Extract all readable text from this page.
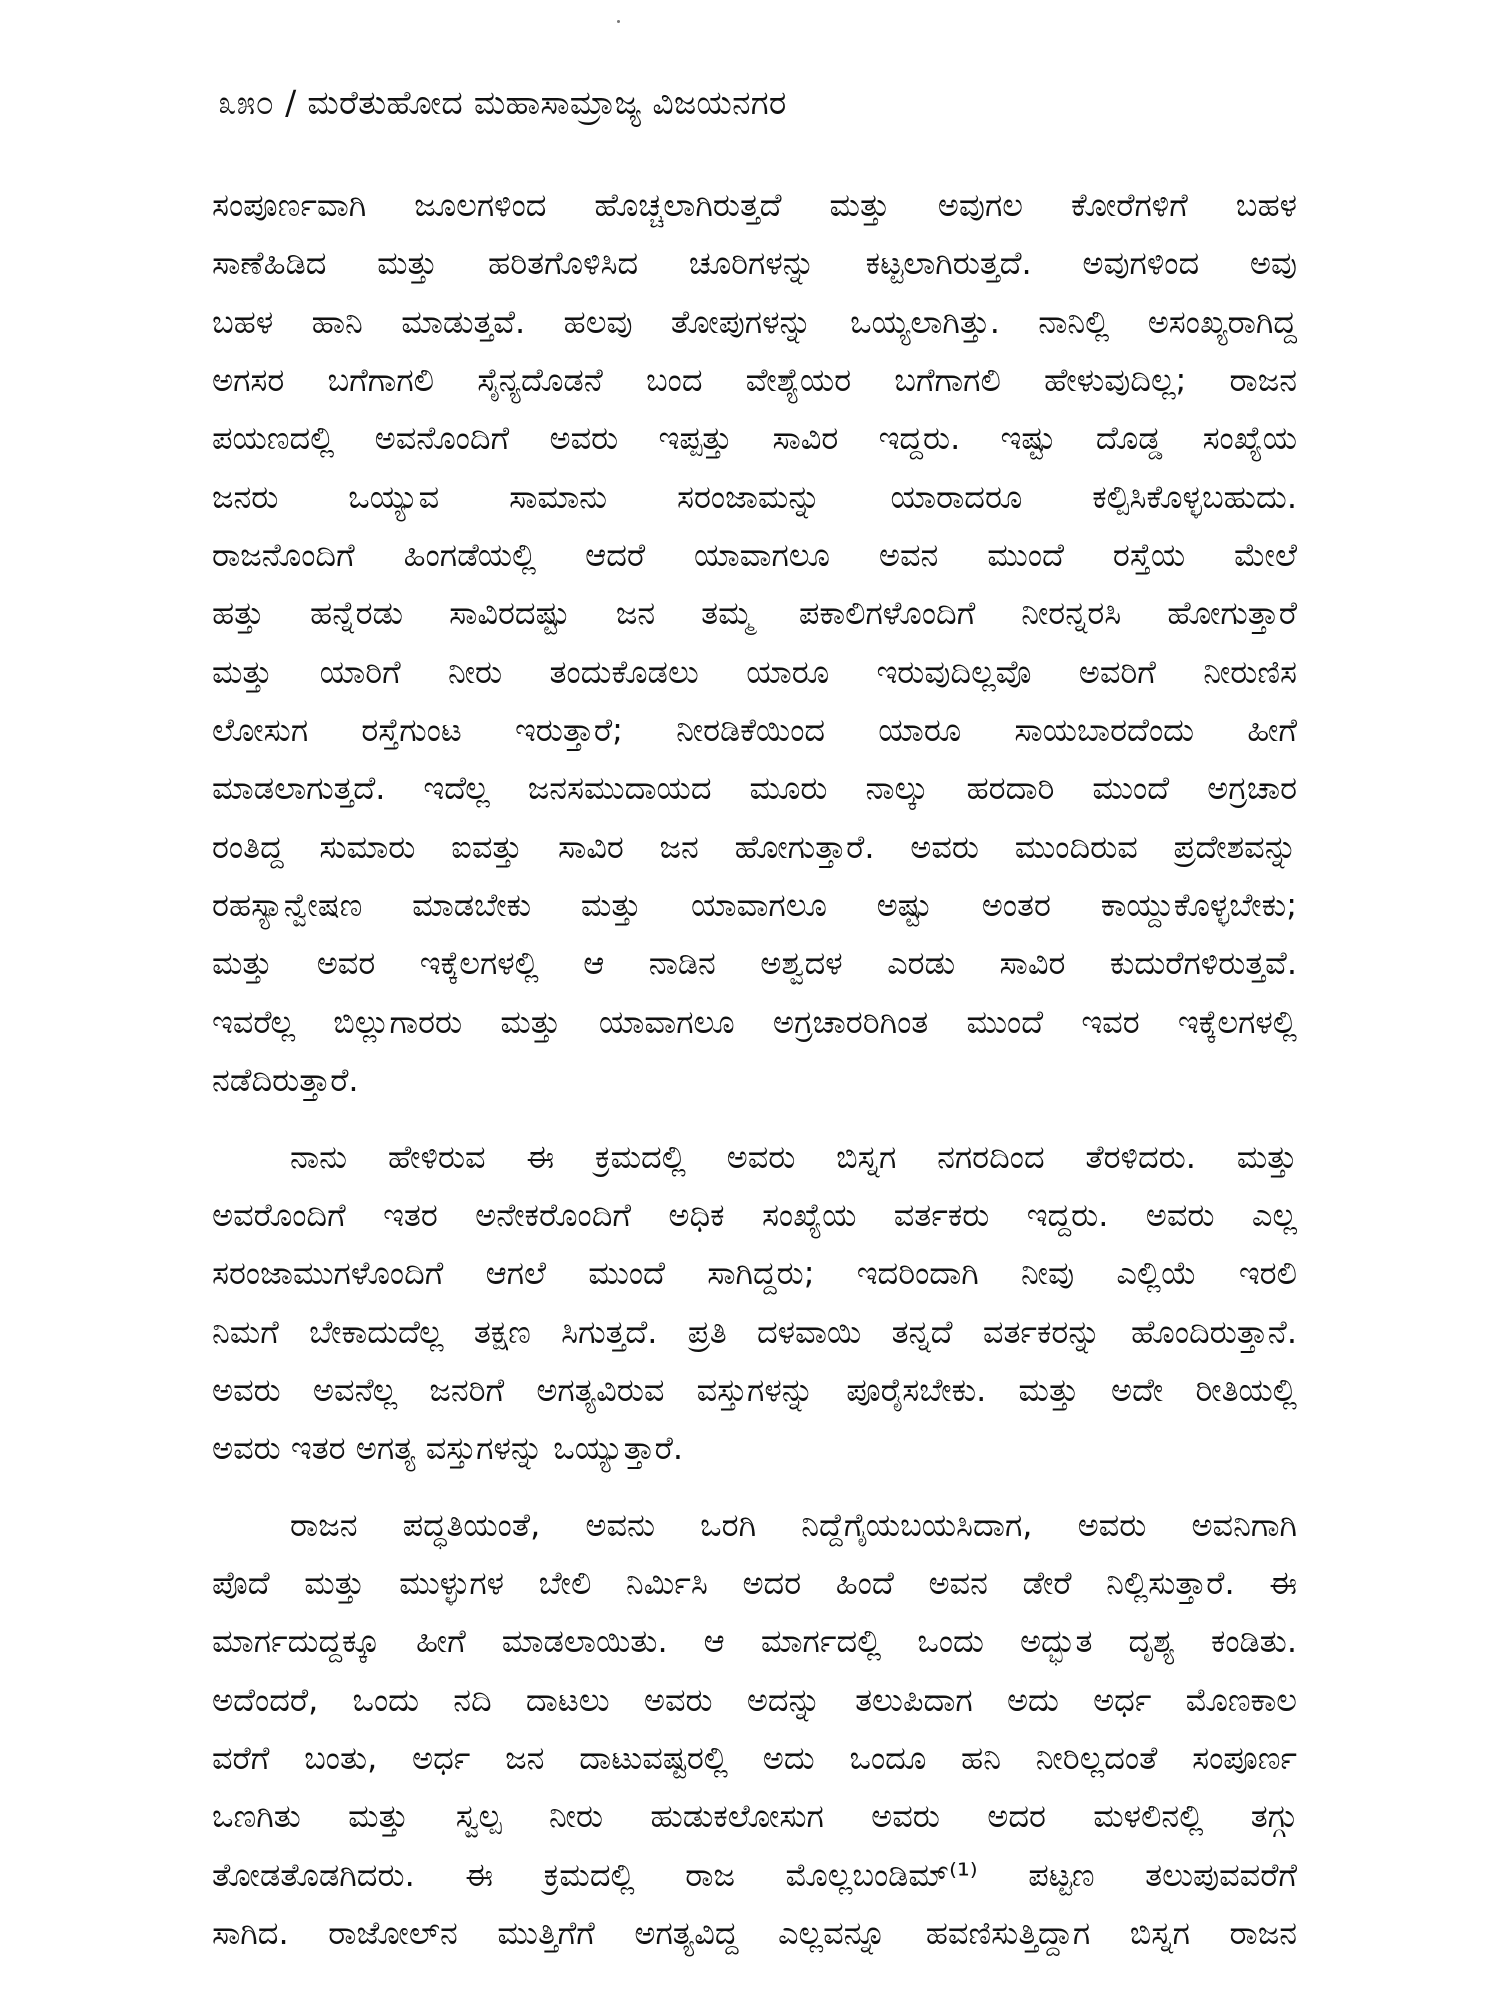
೩೫೦ / ಮರೆತುಹೋದ ಮಹಾಸಾಮ್ರಾಜ್ಯ ವಿಜಯನಗರ

ಸಂಪೂರ್ಣವಾಗಿ ಜೂಲಗಳಿಂದ ಹೊಚ್ಚಲಾಗಿರುತ್ತದೆ ಮತ್ತು ಅವುಗಲ ಕೋರೆಗಳಿಗೆ ಬಹಳ

ಸಾಣೆಹಿಡಿದ ಮತ್ತು ಹರಿತಗೊಳಿಸಿದ ಚೂರಿಗಳನ್ನು ಕಟ್ಟಲಾಗಿರುತ್ತದೆ. ಅವುಗಳಿಂದ ಅವು

ಬಹಳ ಹಾನಿ ಮಾಡುತ್ತವೆ. ಹಲವು ತೋಪುಗಳನ್ನು ಒಯ್ಯಲಾಗಿತ್ತು. ನಾನಿಲ್ಲಿ ಅಸಂಖ್ಯರಾಗಿದ್ದ

ಅಗಸರ ಬಗೆಗಾಗಲಿ ಸೈನ್ಯದೊಡನೆ ಬಂದ ವೇಶ್ಯೆಯರ ಬಗೆಗಾಗಲಿ ಹೇಳುವುದಿಲ್ಲ; ರಾಜನ

ಪಯಣದಲ್ಲಿ ಅವನೊಂದಿಗೆ ಅವರು ಇಪ್ಪತ್ತು ಸಾವಿರ ಇದ್ದರು. ಇಷ್ಟು ದೊಡ್ಡ ಸಂಖ್ಯೆಯ

ಜನರು ಒಯ್ಯುವ ಸಾಮಾನು ಸರಂಜಾಮನ್ನು ಯಾರಾದರೂ ಕಲ್ಪಿಸಿಕೊಳ್ಳಬಹುದು.

ರಾಜನೊಂದಿಗೆ ಹಿಂಗಡೆಯಲ್ಲಿ ಆದರೆ ಯಾವಾಗಲೂ ಅವನ ಮುಂದೆ ರಸ್ತೆಯ ಮೇಲೆ

ಹತ್ತು ಹನ್ನೆರಡು ಸಾವಿರದಷ್ಟು ಜನ ತಮ್ಮ ಪಕಾಲಿಗಳೊಂದಿಗೆ ನೀರನ್ನರಸಿ ಹೋಗುತ್ತಾರೆ

ಮತ್ತು ಯಾರಿಗೆ ನೀರು ತಂದುಕೊಡಲು ಯಾರೂ ಇರುವುದಿಲ್ಲವೊ ಅವರಿಗೆ ನೀರುಣಿಸ

ಲೋಸುಗ ರಸ್ತೆಗುಂಟ ಇರುತ್ತಾರೆ; ನೀರಡಿಕೆಯಿಂದ ಯಾರೂ ಸಾಯಬಾರದೆಂದು ಹೀಗೆ

ಮಾಡಲಾಗುತ್ತದೆ. ಇದೆಲ್ಲ ಜನಸಮುದಾಯದ ಮೂರು ನಾಲ್ಕು ಹರದಾರಿ ಮುಂದೆ ಅಗ್ರಚಾರ

ರಂತಿದ್ದ ಸುಮಾರು ಐವತ್ತು ಸಾವಿರ ಜನ ಹೋಗುತ್ತಾರೆ. ಅವರು ಮುಂದಿರುವ ಪ್ರದೇಶವನ್ನು

ರಹಸ್ಯಾನ್ವೇಷಣ ಮಾಡಬೇಕು ಮತ್ತು ಯಾವಾಗಲೂ ಅಷ್ಟು ಅಂತರ ಕಾಯ್ದುಕೊಳ್ಳಬೇಕು;

ಮತ್ತು ಅವರ ಇಕ್ಕೆಲಗಳಲ್ಲಿ ಆ ನಾಡಿನ ಅಶ್ವದಳ ಎರಡು ಸಾವಿರ ಕುದುರೆಗಳಿರುತ್ತವೆ.

ಇವರೆಲ್ಲ ಬಿಲ್ಲುಗಾರರು ಮತ್ತು ಯಾವಾಗಲೂ ಅಗ್ರಚಾರರಿಗಿಂತ ಮುಂದೆ ಇವರ ಇಕ್ಕೆಲಗಳಲ್ಲಿ

ನಡೆದಿರುತ್ತಾರೆ.

ನಾನು ಹೇಳಿರುವ ಈ ಕ್ರಮದಲ್ಲಿ ಅವರು ಬಿಸ್ನಗ ನಗರದಿಂದ ತೆರಳಿದರು. ಮತ್ತು

ಅವರೊಂದಿಗೆ ಇತರ ಅನೇಕರೊಂದಿಗೆ ಅಧಿಕ ಸಂಖ್ಯೆಯ ವರ್ತಕರು ಇದ್ದರು. ಅವರು ಎಲ್ಲ

ಸರಂಜಾಮುಗಳೊಂದಿಗೆ ಆಗಲೆ ಮುಂದೆ ಸಾಗಿದ್ದರು; ಇದರಿಂದಾಗಿ ನೀವು ಎಲ್ಲಿಯೆ ಇರಲಿ

ನಿಮಗೆ ಬೇಕಾದುದೆಲ್ಲ ತಕ್ಷಣ ಸಿಗುತ್ತದೆ. ಪ್ರತಿ ದಳವಾಯಿ ತನ್ನದೆ ವರ್ತಕರನ್ನು ಹೊಂದಿರುತ್ತಾನೆ.

ಅವರು ಅವನೆಲ್ಲ ಜನರಿಗೆ ಅಗತ್ಯವಿರುವ ವಸ್ತುಗಳನ್ನು ಪೂರೈಸಬೇಕು. ಮತ್ತು ಅದೇ ರೀತಿಯಲ್ಲಿ

ಅವರು ಇತರ ಅಗತ್ಯ ವಸ್ತುಗಳನ್ನು ಒಯ್ಯುತ್ತಾರೆ.

ರಾಜನ ಪದ್ಧತಿಯಂತೆ, ಅವನು ಒರಗಿ ನಿದ್ದೆಗೈಯಬಯಸಿದಾಗ, ಅವರು ಅವನಿಗಾಗಿ

ಪೊದೆ ಮತ್ತು ಮುಳ್ಳುಗಳ ಬೇಲಿ ನಿರ್ಮಿಸಿ ಅದರ ಹಿಂದೆ ಅವನ ಡೇರೆ ನಿಲ್ಲಿಸುತ್ತಾರೆ. ಈ

ಮಾರ್ಗದುದ್ದಕ್ಕೂ ಹೀಗೆ ಮಾಡಲಾಯಿತು. ಆ ಮಾರ್ಗದಲ್ಲಿ ಒಂದು ಅದ್ಭುತ ದೃಶ್ಯ ಕಂಡಿತು.

ಅದೆಂದರೆ, ಒಂದು ನದಿ ದಾಟಲು ಅವರು ಅದನ್ನು ತಲುಪಿದಾಗ ಅದು ಅರ್ಧ ಮೊಣಕಾಲ

ವರೆಗೆ ಬಂತು, ಅರ್ಧ ಜನ ದಾಟುವಷ್ಟರಲ್ಲಿ ಅದು ಒಂದೂ ಹನಿ ನೀರಿಲ್ಲದಂತೆ ಸಂಪೂರ್ಣ

ಒಣಗಿತು ಮತ್ತು ಸ್ವಲ್ಪ ನೀರು ಹುಡುಕಲೋಸುಗ ಅವರು ಅದರ ಮಳಲಿನಲ್ಲಿ ತಗ್ಗು

ತೋಡತೊಡಗಿದರು. ಈ ಕ್ರಮದಲ್ಲಿ ರಾಜ ಮೊಲ್ಲಬಂಡಿಮ್⁽¹⁾ ಪಟ್ಟಣ ತಲುಪುವವರೆಗೆ

ಸಾಗಿದ. ರಾಜೋಲ್‌ನ ಮುತ್ತಿಗೆಗೆ ಅಗತ್ಯವಿದ್ದ ಎಲ್ಲವನ್ನೂ ಹವಣಿಸುತ್ತಿದ್ದಾಗ ಬಿಸ್ನಗ ರಾಜನ
